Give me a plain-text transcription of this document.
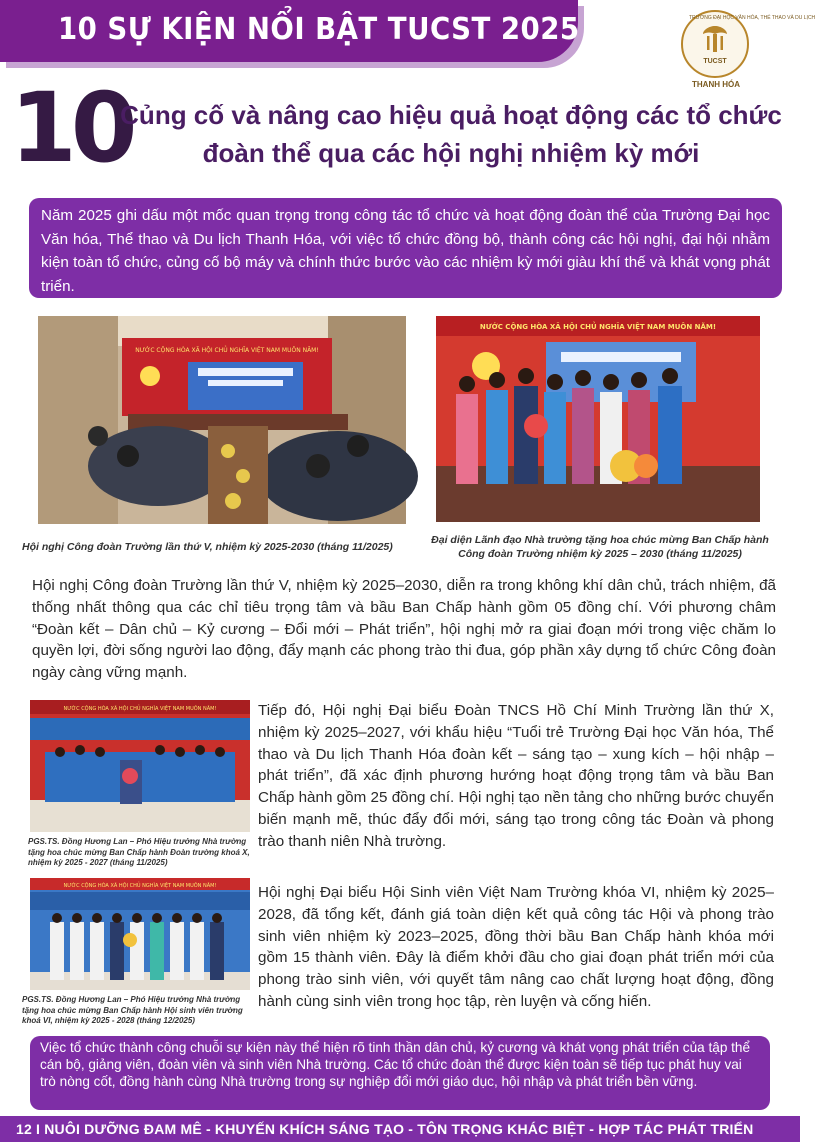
10 SỰ KIỆN NỔI BẬT TUCST 2025	TRƯỜNG ĐẠI HỌC VĂN HÓA, THỂ THAO VÀ DU LỊCH
TUCST
THANH HÓA
10
Củng cố và nâng cao hiệu quả hoạt động các tổ chức đoàn thể qua các hội nghị nhiệm kỳ mới
Năm 2025 ghi dấu một mốc quan trọng trong công tác tổ chức và hoạt động đoàn thể của Trường Đại học Văn hóa, Thể thao và Du lịch Thanh Hóa, với việc tổ chức đồng bộ, thành công các hội nghị, đại hội nhằm kiện toàn tổ chức, củng cố bộ máy và chính thức bước vào các nhiệm kỳ mới giàu khí thế và khát vọng phát triển.
NƯỚC CỘNG HÒA XÃ HỘI CHỦ NGHĨA VIỆT NAM MUÔN NĂM!
NƯỚC CỘNG HÒA XÃ HỘI CHỦ NGHĨA VIỆT NAM MUÔN NĂM!
Hội nghị Công đoàn Trường lần thứ V, nhiệm kỳ 2025-2030 (tháng 11/2025)
Đại diện Lãnh đạo Nhà trường tặng hoa chúc mừng Ban Chấp hành Công đoàn Trường nhiệm kỳ 2025 – 2030 (tháng 11/2025)
Hội nghị Công đoàn Trường lần thứ V, nhiệm kỳ 2025–2030, diễn ra trong không khí dân chủ, trách nhiệm, đã thống nhất thông qua các chỉ tiêu trọng tâm và bầu Ban Chấp hành gồm 05 đồng chí. Với phương châm “Đoàn kết – Dân chủ – Kỷ cương – Đổi mới – Phát triển”, hội nghị mở ra giai đoạn mới trong việc chăm lo quyền lợi, đời sống người lao động, đẩy mạnh các phong trào thi đua, góp phần xây dựng tổ chức Công đoàn ngày càng vững mạnh.
NƯỚC CỘNG HÒA XÃ HỘI CHỦ NGHĨA VIỆT NAM MUÔN NĂM!
PGS.TS. Đồng Hương Lan – Phó Hiệu trưởng Nhà trường tặng hoa chúc mừng Ban Chấp hành Đoàn trường khoá X, nhiệm kỳ 2025 - 2027 (tháng 11/2025)
Tiếp đó, Hội nghị Đại biểu Đoàn TNCS Hồ Chí Minh Trường lần thứ X, nhiệm kỳ 2025–2027, với khẩu hiệu “Tuổi trẻ Trường Đại học Văn hóa, Thể thao và Du lịch Thanh Hóa đoàn kết – sáng tạo – xung kích – hội nhập – phát triển”, đã xác định phương hướng hoạt động trọng tâm và bầu Ban Chấp hành gồm 25 đồng chí. Hội nghị tạo nền tảng cho những bước chuyển biến mạnh mẽ, thúc đẩy đổi mới, sáng tạo trong công tác Đoàn và phong trào thanh niên Nhà trường.
NƯỚC CỘNG HÒA XÃ HỘI CHỦ NGHĨA VIỆT NAM MUÔN NĂM!
PGS.TS. Đồng Hương Lan – Phó Hiệu trưởng Nhà trường tặng hoa chúc mừng Ban Chấp hành Hội sinh viên trường khoá VI, nhiệm kỳ 2025 - 2028 (tháng 12/2025)
Hội nghị Đại biểu Hội Sinh viên Việt Nam Trường khóa VI, nhiệm kỳ 2025–2028, đã tổng kết, đánh giá toàn diện kết quả công tác Hội và phong trào sinh viên nhiệm kỳ 2023–2025, đồng thời bầu Ban Chấp hành khóa mới gồm 15 thành viên. Đây là điểm khởi đầu cho giai đoạn phát triển mới của phong trào sinh viên, với quyết tâm nâng cao chất lượng hoạt động, đồng hành cùng sinh viên trong học tập, rèn luyện và cống hiến.
Việc tổ chức thành công chuỗi sự kiện này thể hiện rõ tinh thần dân chủ, kỷ cương và khát vọng phát triển của tập thể cán bộ, giảng viên, đoàn viên và sinh viên Nhà trường. Các tổ chức đoàn thể được kiện toàn sẽ tiếp tục phát huy vai trò nòng cốt, đồng hành cùng Nhà trường trong sự nghiệp đổi mới giáo dục, hội nhập và phát triển bền vững.
12 I NUÔI DƯỠNG ĐAM MÊ - KHUYẾN KHÍCH SÁNG TẠO - TÔN TRỌNG KHÁC BIỆT - HỢP TÁC PHÁT TRIỂN
